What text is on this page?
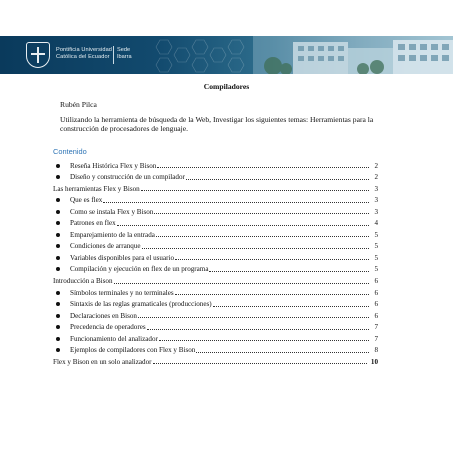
Pontificia Universidad
Católica del Ecuador
Sede
Ibarra
Compiladores
Rubén Pilca
Utilizando la herramienta de búsqueda de la Web, Investigar los siguientes temas: Herramientas para la construcción de procesadores de lenguaje.
Contenido
Reseña Histórica Flex y Bison	2
Diseño y construcción de un compilador	2
Las herramientas Flex y Bison	3
Que es flex	3
Como se instala Flex y Bison	3
Patrones en flex	4
Emparejamiento de la entrada	5
Condiciones de arranque	5
Variables disponibles para el usuario	5
Compilación y ejecución en flex de un programa	5
Introducción a Bison	6
Símbolos terminales y no terminales	6
Sintaxis de las reglas gramaticales (producciones)	6
Declaraciones en Bison	6
Precedencia de operadores	7
Funcionamiento del analizador	7
Ejemplos de compiladores con Flex y Bison	8
Flex y Bison en un solo analizador	10
